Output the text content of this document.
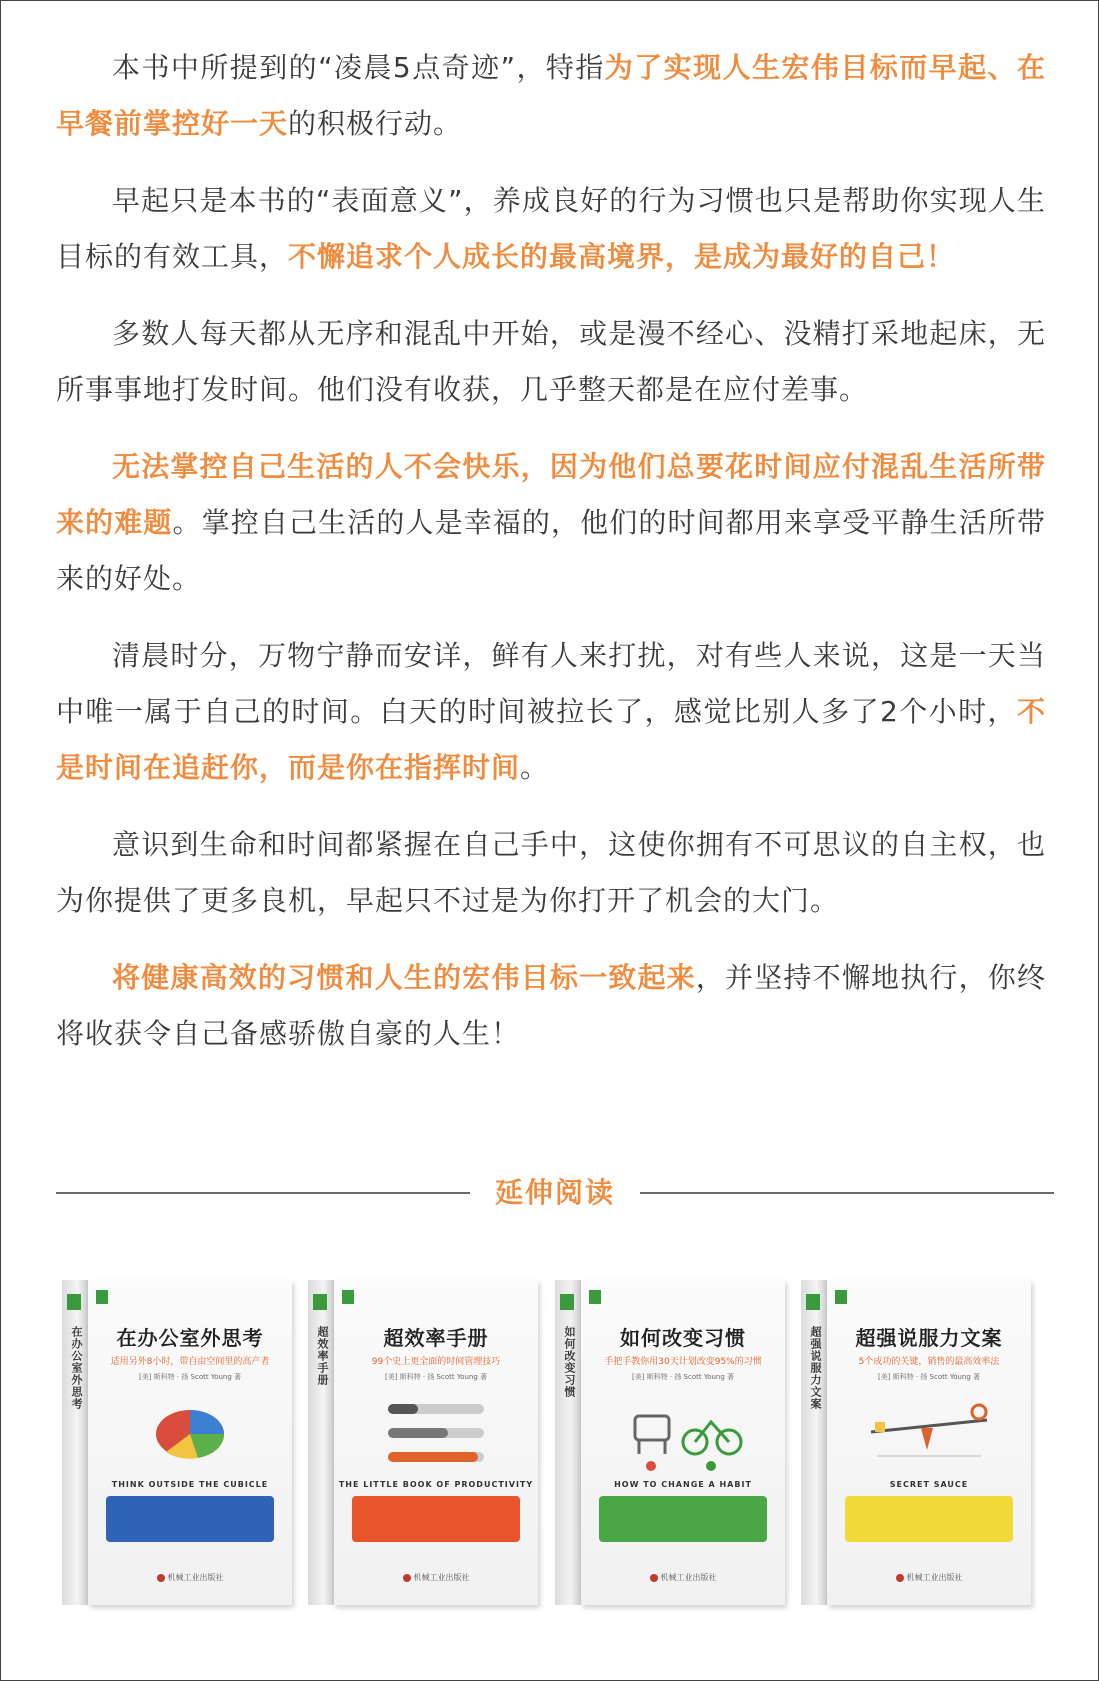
本书中所提到的“凌晨5点奇迹”，特指为了实现人生宏伟目标而早起、在早餐前掌控好一天的积极行动。

早起只是本书的“表面意义”，养成良好的行为习惯也只是帮助你实现人生目标的有效工具，不懈追求个人成长的最高境界，是成为最好的自己！

多数人每天都从无序和混乱中开始，或是漫不经心、没精打采地起床，无所事事地打发时间。他们没有收获，几乎整天都是在应付差事。

无法掌控自己生活的人不会快乐，因为他们总要花时间应付混乱生活所带来的难题。掌控自己生活的人是幸福的，他们的时间都用来享受平静生活所带来的好处。

清晨时分，万物宁静而安详，鲜有人来打扰，对有些人来说，这是一天当中唯一属于自己的时间。白天的时间被拉长了，感觉比别人多了2个小时，不是时间在追赶你，而是你在指挥时间。

意识到生命和时间都紧握在自己手中，这使你拥有不可思议的自主权，也为你提供了更多良机，早起只不过是为你打开了机会的大门。

将健康高效的习惯和人生的宏伟目标一致起来，并坚持不懈地执行，你终将收获令自己备感骄傲自豪的人生！

延伸阅读
在办公室外思考	在办公室外思考
适用另外8小时，带自由空间里的高产者
[美] 斯科特 · 扬 Scott Young 著
THINK OUTSIDE THE CUBICLE
机械工业出版社
超效率手册	超效率手册
99个史上更全面的时间管理技巧
[美] 斯科特 · 扬 Scott Young 著
THE LITTLE BOOK OF PRODUCTIVITY
机械工业出版社
如何改变习惯	如何改变习惯
手把手教你用30天计划改变95%的习惯
[美] 斯科特 · 扬 Scott Young 著
HOW TO CHANGE A HABIT
机械工业出版社
超强说服力文案	超强说服力文案
5个成功的关键，销售的最高效率法
[美] 斯科特 · 扬 Scott Young 著
SECRET SAUCE
机械工业出版社
